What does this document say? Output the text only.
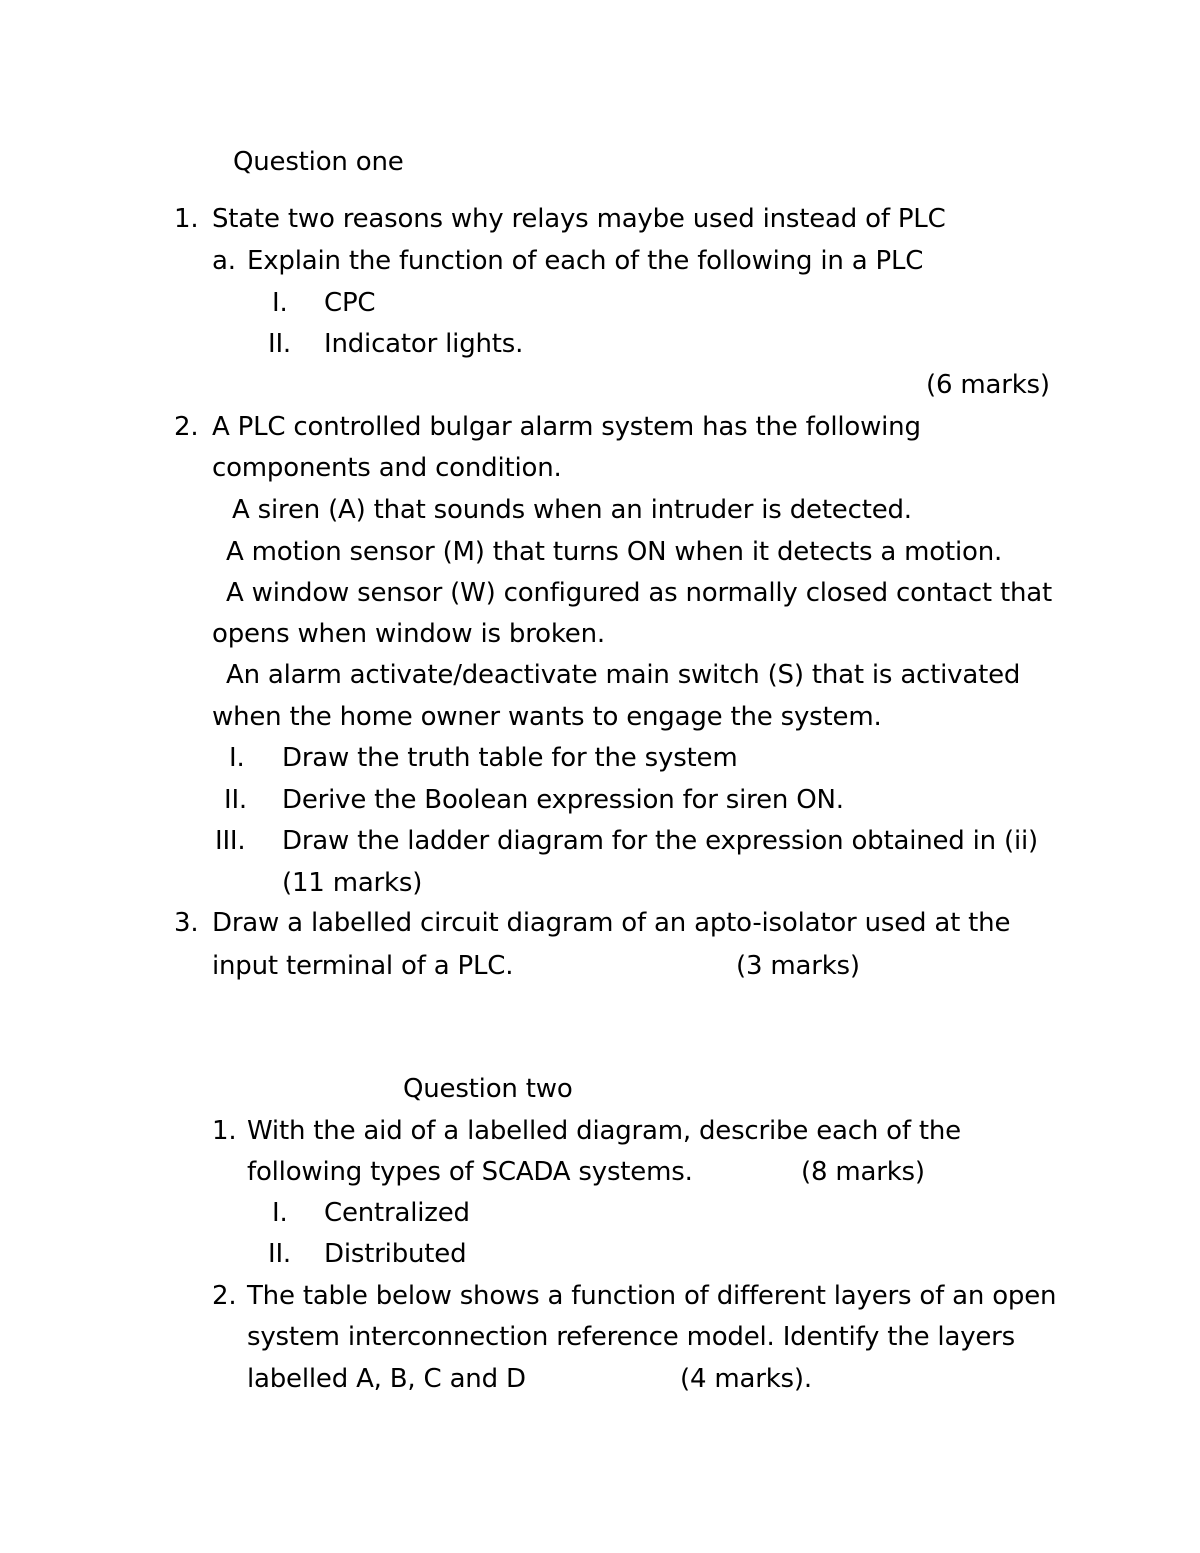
Question one
1. State two reasons why relays maybe used instead of PLC
a. Explain the function of each of the following in a PLC
I. CPC
II. Indicator lights.
(6 marks)
2. A PLC controlled bulgar alarm system has the following
components and condition.
A siren (A) that sounds when an intruder is detected.
A motion sensor (M) that turns ON when it detects a motion.
A window sensor (W) configured as normally closed contact that
opens when window is broken.
An alarm activate/deactivate main switch (S) that is activated
when the home owner wants to engage the system.
I. Draw the truth table for the system
II. Derive the Boolean expression for siren ON.
III. Draw the ladder diagram for the expression obtained in (ii)
(11 marks)
3. Draw a labelled circuit diagram of an apto-isolator used at the
input terminal of a PLC.	(3 marks)
Question two
1. With the aid of a labelled diagram, describe each of the
following types of SCADA systems.	(8 marks)
I. Centralized
II. Distributed
2. The table below shows a function of different layers of an open
system interconnection reference model. Identify the layers
labelled A, B, C and D	(4 marks).
